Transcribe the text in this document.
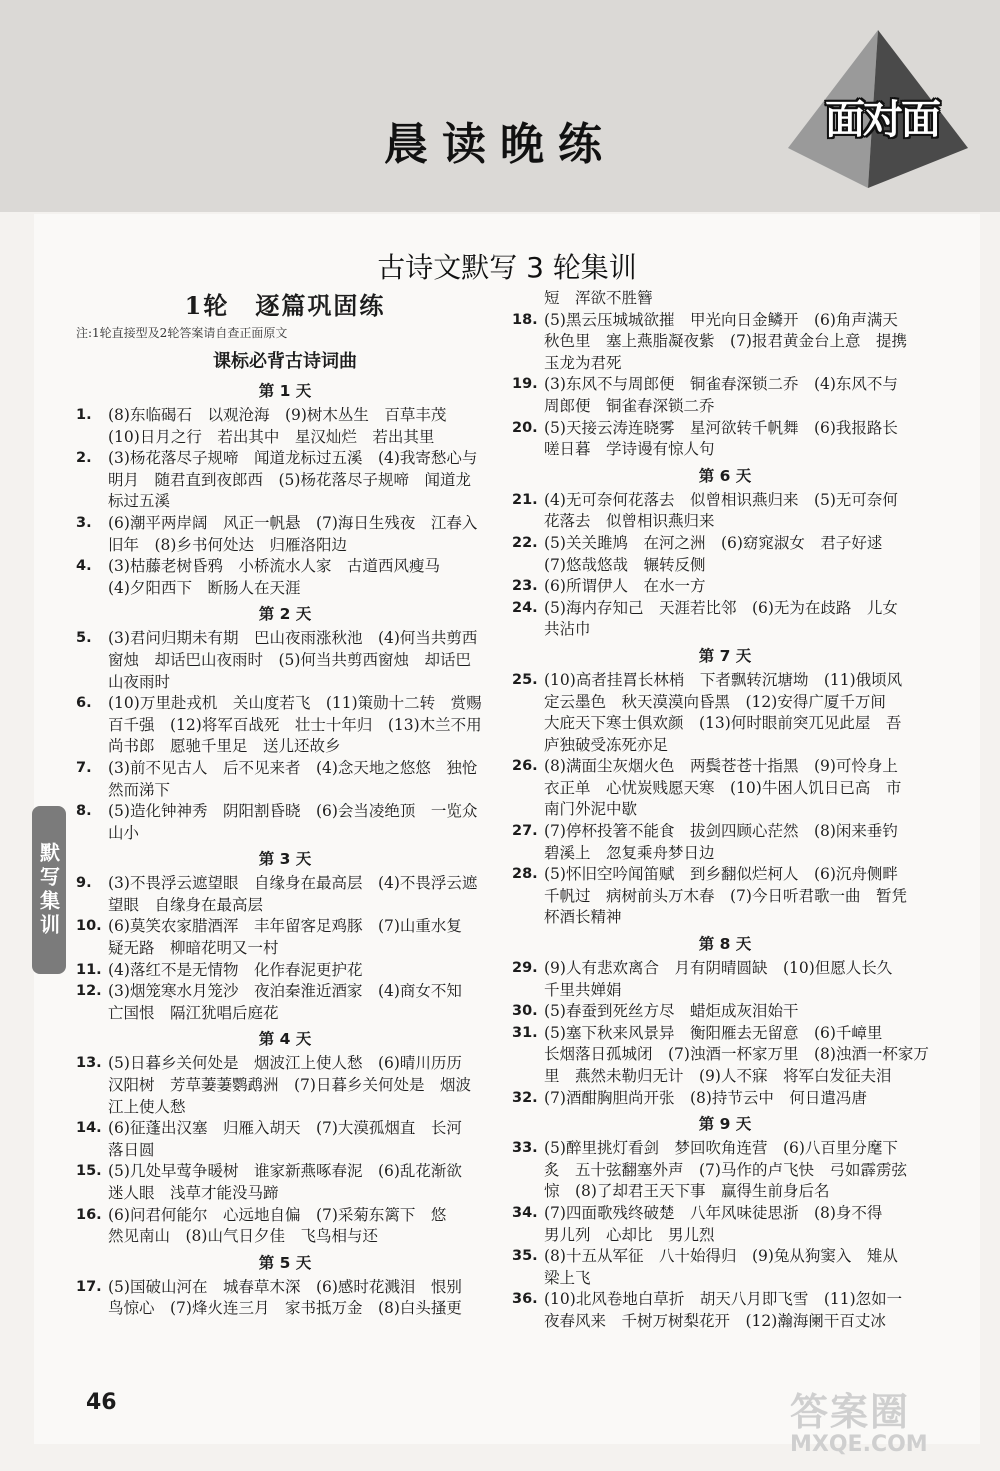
面对面
晨读晚练
古诗文默写 3 轮集训
1轮　逐篇巩固练
注:1轮直接型及2轮答案请自查正面原文
课标必背古诗词曲
第 1 天
1.	(8)东临碣石　以观沧海　(9)树木丛生　百草丰茂
(10)日月之行　若出其中　星汉灿烂　若出其里
2.	(3)杨花落尽子规啼　闻道龙标过五溪　(4)我寄愁心与
明月　随君直到夜郎西　(5)杨花落尽子规啼　闻道龙
标过五溪
3.	(6)潮平两岸阔　风正一帆悬　(7)海日生残夜　江春入
旧年　(8)乡书何处达　归雁洛阳边
4.	(3)枯藤老树昏鸦　小桥流水人家　古道西风瘦马
(4)夕阳西下　断肠人在天涯
第 2 天
5.	(3)君问归期未有期　巴山夜雨涨秋池　(4)何当共剪西
窗烛　却话巴山夜雨时　(5)何当共剪西窗烛　却话巴
山夜雨时
6.	(10)万里赴戎机　关山度若飞　(11)策勋十二转　赏赐
百千强　(12)将军百战死　壮士十年归　(13)木兰不用
尚书郎　愿驰千里足　送儿还故乡
7.	(3)前不见古人　后不见来者　(4)念天地之悠悠　独怆
然而涕下
8.	(5)造化钟神秀　阴阳割昏晓　(6)会当凌绝顶　一览众
山小
第 3 天
9.	(3)不畏浮云遮望眼　自缘身在最高层　(4)不畏浮云遮
望眼　自缘身在最高层
10. (6)莫笑农家腊酒浑　丰年留客足鸡豚　(7)山重水复
疑无路　柳暗花明又一村
11. (4)落红不是无情物　化作春泥更护花
12. (3)烟笼寒水月笼沙　夜泊秦淮近酒家　(4)商女不知
亡国恨　隔江犹唱后庭花
第 4 天
13. (5)日暮乡关何处是　烟波江上使人愁　(6)晴川历历
汉阳树　芳草萋萋鹦鹉洲　(7)日暮乡关何处是　烟波
江上使人愁
14. (6)征蓬出汉塞　归雁入胡天　(7)大漠孤烟直　长河
落日圆
15. (5)几处早莺争暖树　谁家新燕啄春泥　(6)乱花渐欲
迷人眼　浅草才能没马蹄
16. (6)问君何能尔　心远地自偏　(7)采菊东篱下　悠
然见南山　(8)山气日夕佳　飞鸟相与还
第 5 天
17. (5)国破山河在　城春草木深　(6)感时花溅泪　恨别
鸟惊心　(7)烽火连三月　家书抵万金　(8)白头搔更
短　浑欲不胜簪
18. (5)黑云压城城欲摧　甲光向日金鳞开　(6)角声满天
秋色里　塞上燕脂凝夜紫　(7)报君黄金台上意　提携
玉龙为君死
19. (3)东风不与周郎便　铜雀春深锁二乔　(4)东风不与
周郎便　铜雀春深锁二乔
20. (5)天接云涛连晓雾　星河欲转千帆舞　(6)我报路长
嗟日暮　学诗谩有惊人句
第 6 天
21. (4)无可奈何花落去　似曾相识燕归来　(5)无可奈何
花落去　似曾相识燕归来
22. (5)关关雎鸠　在河之洲　(6)窈窕淑女　君子好逑
(7)悠哉悠哉　辗转反侧
23. (6)所谓伊人　在水一方
24. (5)海内存知己　天涯若比邻　(6)无为在歧路　儿女
共沾巾
第 7 天
25. (10)高者挂罥长林梢　下者飘转沉塘坳　(11)俄顷风
定云墨色　秋天漠漠向昏黑　(12)安得广厦千万间
大庇天下寒士俱欢颜　(13)何时眼前突兀见此屋　吾
庐独破受冻死亦足
26. (8)满面尘灰烟火色　两鬓苍苍十指黑　(9)可怜身上
衣正单　心忧炭贱愿天寒　(10)牛困人饥日已高　市
南门外泥中歇
27. (7)停杯投箸不能食　拔剑四顾心茫然　(8)闲来垂钓
碧溪上　忽复乘舟梦日边
28. (5)怀旧空吟闻笛赋　到乡翻似烂柯人　(6)沉舟侧畔
千帆过　病树前头万木春　(7)今日听君歌一曲　暂凭
杯酒长精神
第 8 天
29. (9)人有悲欢离合　月有阴晴圆缺　(10)但愿人长久
千里共婵娟
30. (5)春蚕到死丝方尽　蜡炬成灰泪始干
31. (5)塞下秋来风景异　衡阳雁去无留意　(6)千嶂里
长烟落日孤城闭　(7)浊酒一杯家万里　(8)浊酒一杯家万
里　燕然未勒归无计　(9)人不寐　将军白发征夫泪
32. (7)酒酣胸胆尚开张　(8)持节云中　何日遣冯唐
第 9 天
33. (5)醉里挑灯看剑　梦回吹角连营　(6)八百里分麾下
炙　五十弦翻塞外声　(7)马作的卢飞快　弓如霹雳弦
惊　(8)了却君王天下事　赢得生前身后名
34. (7)四面歌残终破楚　八年风味徒思浙　(8)身不得
男儿列　心却比　男儿烈
35. (8)十五从军征　八十始得归　(9)兔从狗窦入　雉从
梁上飞
36. (10)北风卷地白草折　胡天八月即飞雪　(11)忽如一
夜春风来　千树万树梨花开　(12)瀚海阑干百丈冰
默写集训
46	答案圈
MXQE.COM
